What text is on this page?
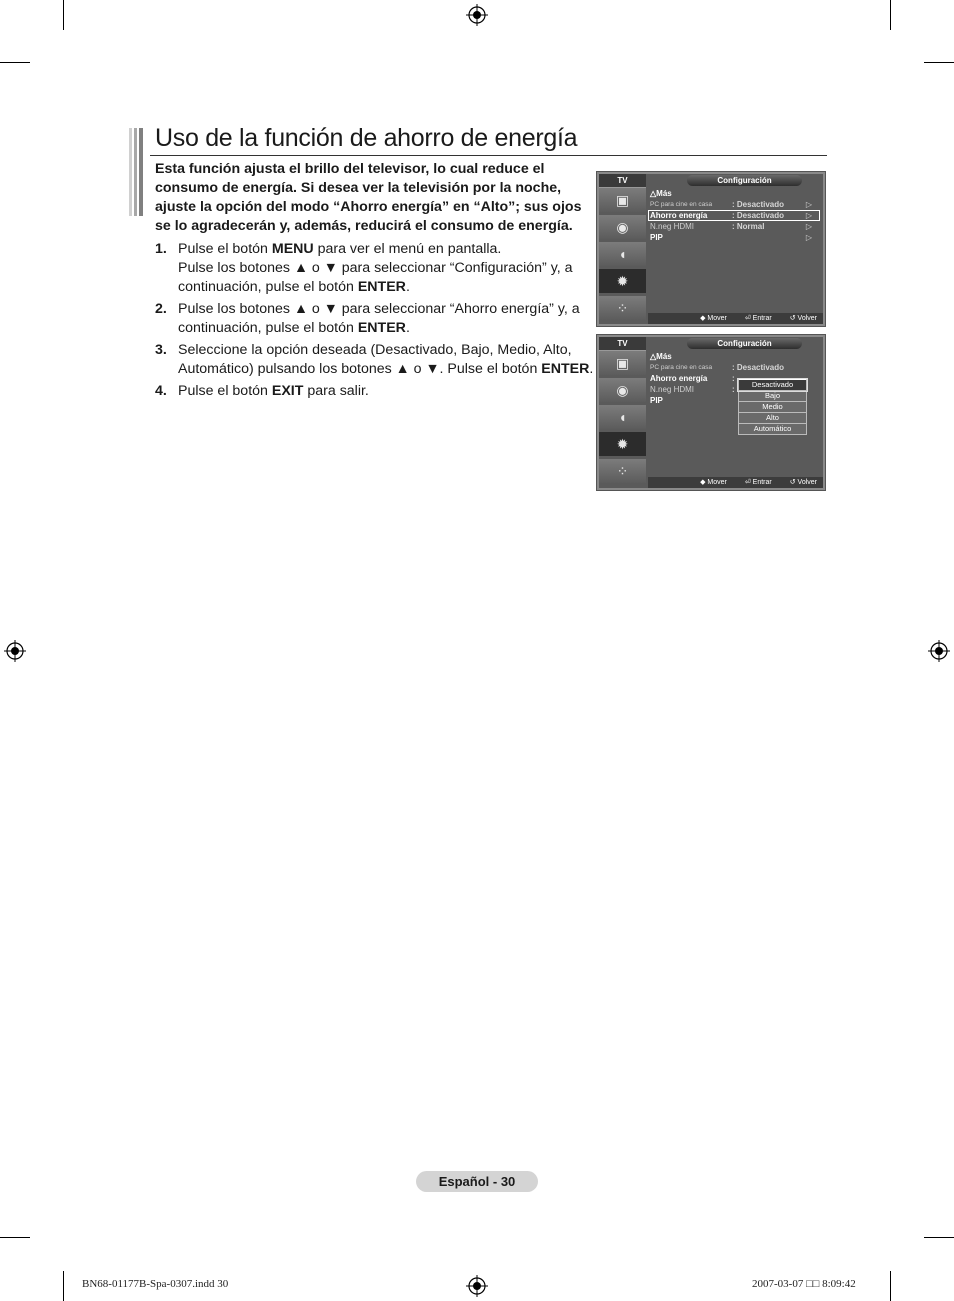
Uso de la función de ahorro de energía
Esta función ajusta el brillo del televisor, lo cual reduce el consumo de energía. Si desea ver la televisión por la noche, ajuste la opción del modo “Ahorro energía” en “Alto”; sus ojos se lo agradecerán y, además, reducirá el consumo de energía.
1. Pulse el botón MENU para ver el menú en pantalla.
Pulse los botones ▲ o ▼ para seleccionar “Configuración” y, a continuación, pulse el botón ENTER.
2. Pulse los botones ▲ o ▼ para seleccionar “Ahorro energía” y, a continuación, pulse el botón ENTER.
3. Seleccione la opción deseada (Desactivado, Bajo, Medio, Alto, Automático) pulsando los botones ▲ o ▼. Pulse el botón ENTER.
4. Pulse el botón EXIT para salir.
TV	Configuración
▣
◉
◖
✹
⁘
△Más
PC para cine en casa : Desactivado	▷
Ahorro energía	: Desactivado	▷
N.neg HDMI	: Normal	▷
PIP	▷
◆ Mover	⏎ Entrar	↺ Volver
TV	Configuración
▣
◉
◖
✹
⁘
△Más
PC para cine en casa : Desactivado
Ahorro energía	:
N.neg HDMI	:
PIP
Desactivado
Bajo
Medio
Alto
Automático
◆ Mover	⏎ Entrar	↺ Volver
Español - 30
BN68-01177B-Spa-0307.indd 30	2007-03-07 □□ 8:09:42
